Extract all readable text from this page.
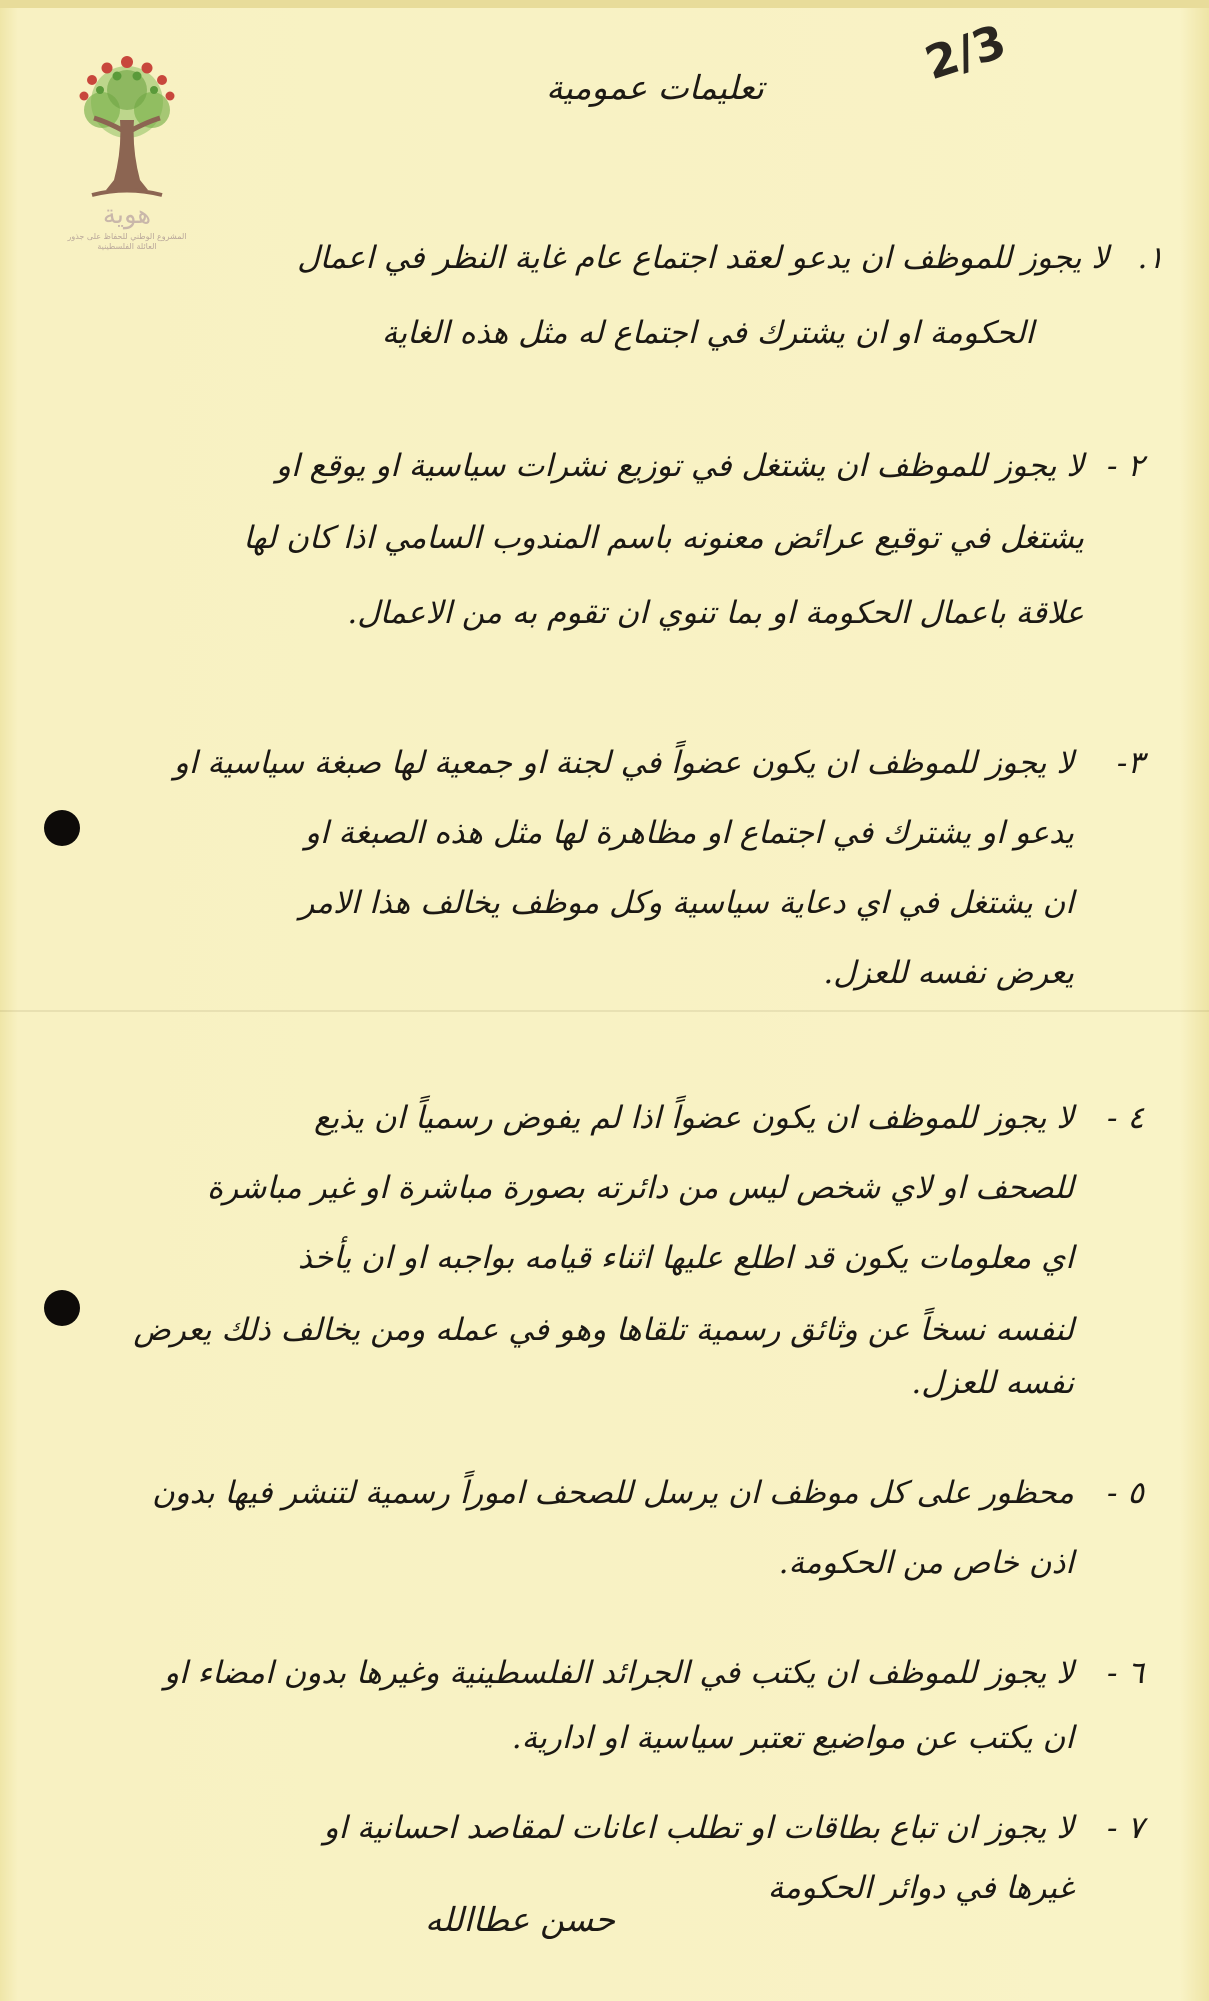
هوية
المشروع الوطني للحفاظ على جذور العائلة الفلسطينية
2/3
تعليمات عمومية
١.
لا يجوز للموظف ان يدعو لعقد اجتماع عام غاية النظر في اعمال
الحكومة او ان يشترك في اجتماع له مثل هذه الغاية
٢ -
لا يجوز للموظف ان يشتغل في توزيع نشرات سياسية او يوقع او
يشتغل في توقيع عرائض معنونه باسم المندوب السامي اذا كان لها
علاقة باعمال الحكومة او بما تنوي ان تقوم به من الاعمال.
٣-
لا يجوز للموظف ان يكون عضواً في لجنة او جمعية لها صبغة سياسية او
يدعو او يشترك في اجتماع او مظاهرة لها مثل هذه الصبغة او
ان يشتغل في اي دعاية سياسية وكل موظف يخالف هذا الامر
يعرض نفسه للعزل.
٤ -
لا يجوز للموظف ان يكون عضواً اذا لم يفوض رسمياً ان يذيع
للصحف او لاي شخص ليس من دائرته بصورة مباشرة او غير مباشرة
اي معلومات يكون قد اطلع عليها اثناء قيامه بواجبه او ان يأخذ
لنفسه نسخاً عن وثائق رسمية تلقاها وهو في عمله ومن يخالف ذلك يعرض
نفسه للعزل.
٥ -
محظور على كل موظف ان يرسل للصحف اموراً رسمية لتنشر فيها بدون
اذن خاص من الحكومة.
٦ -
لا يجوز للموظف ان يكتب في الجرائد الفلسطينية وغيرها بدون امضاء او
ان يكتب عن مواضيع تعتبر سياسية او ادارية.
٧ -
لا يجوز ان تباع بطاقات او تطلب اعانات لمقاصد احسانية او
غيرها في دوائر الحكومة
حسن عطاالله
